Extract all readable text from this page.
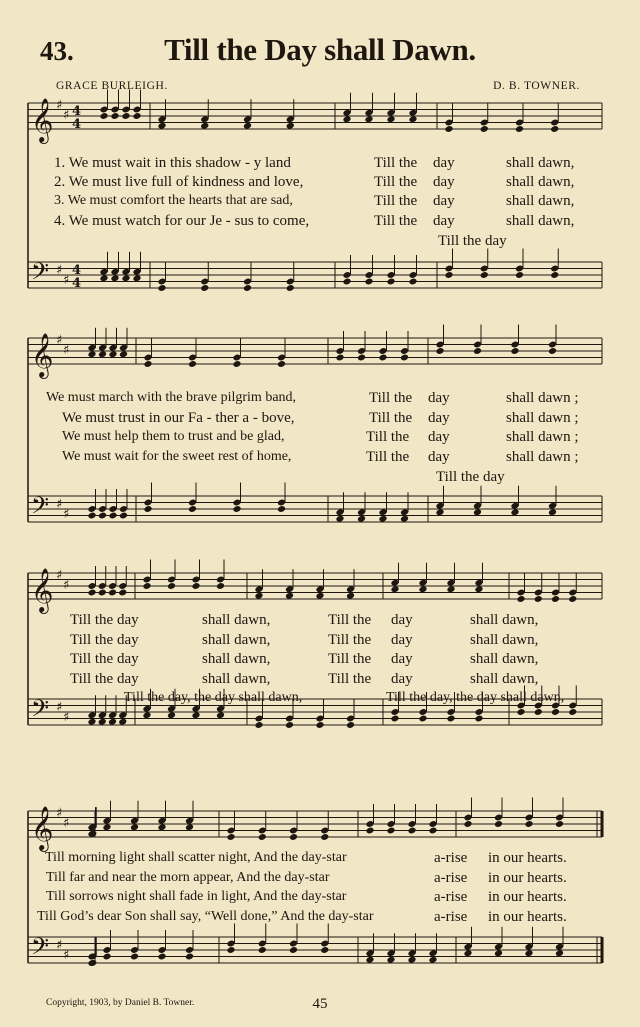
43.	Till the Day shall Dawn.
GRACE BURLEIGH.	D. B. TOWNER.
𝄞 ♯
♯ 4
4
𝄢 ♯
♯
4
4
𝄞 ♯
♯
𝄢 ♯
♯
𝄞 ♯
♯
𝄢 ♯
♯
𝄞 ♯
♯
𝄢 ♯
♯
1. We must wait in this shadow - y land	Till the day	shall dawn,
2. We must live full of kindness and love,	Till the day	shall dawn,
3. We must comfort the hearts that are sad,	Till the day	shall dawn,
4. We must watch for our Je - sus to come,	Till the day	shall dawn,
Till the day
We must march with the brave pilgrim band,	Till the day	shall dawn ;
We must trust in our Fa - ther a - bove,	Till the day	shall dawn ;
We must help them to trust and be glad,	Till the day	shall dawn ;
We must wait for the sweet rest of home,	Till the day	shall dawn ;
Till the day
Till the day	shall dawn,	Till the day	shall dawn,
Till the day	shall dawn,	Till the day	shall dawn,
Till the day	shall dawn,	Till the day	shall dawn,
Till the day	shall dawn,	Till the day	shall dawn,
Till the day, the day shall dawn,	Till the day, the day shall dawn,
Till morning light shall scatter night, And the day-star	a-rise in our hearts.
Till far and near the morn appear, And the day-star	a-rise in our hearts.
Till sorrows night shall fade in light, And the day-star	a-rise in our hearts.
Till God’s dear Son shall say, “Well done,” And the day-star	a-rise in our hearts.
Copyright, 1903, by Daniel B. Towner.	45
